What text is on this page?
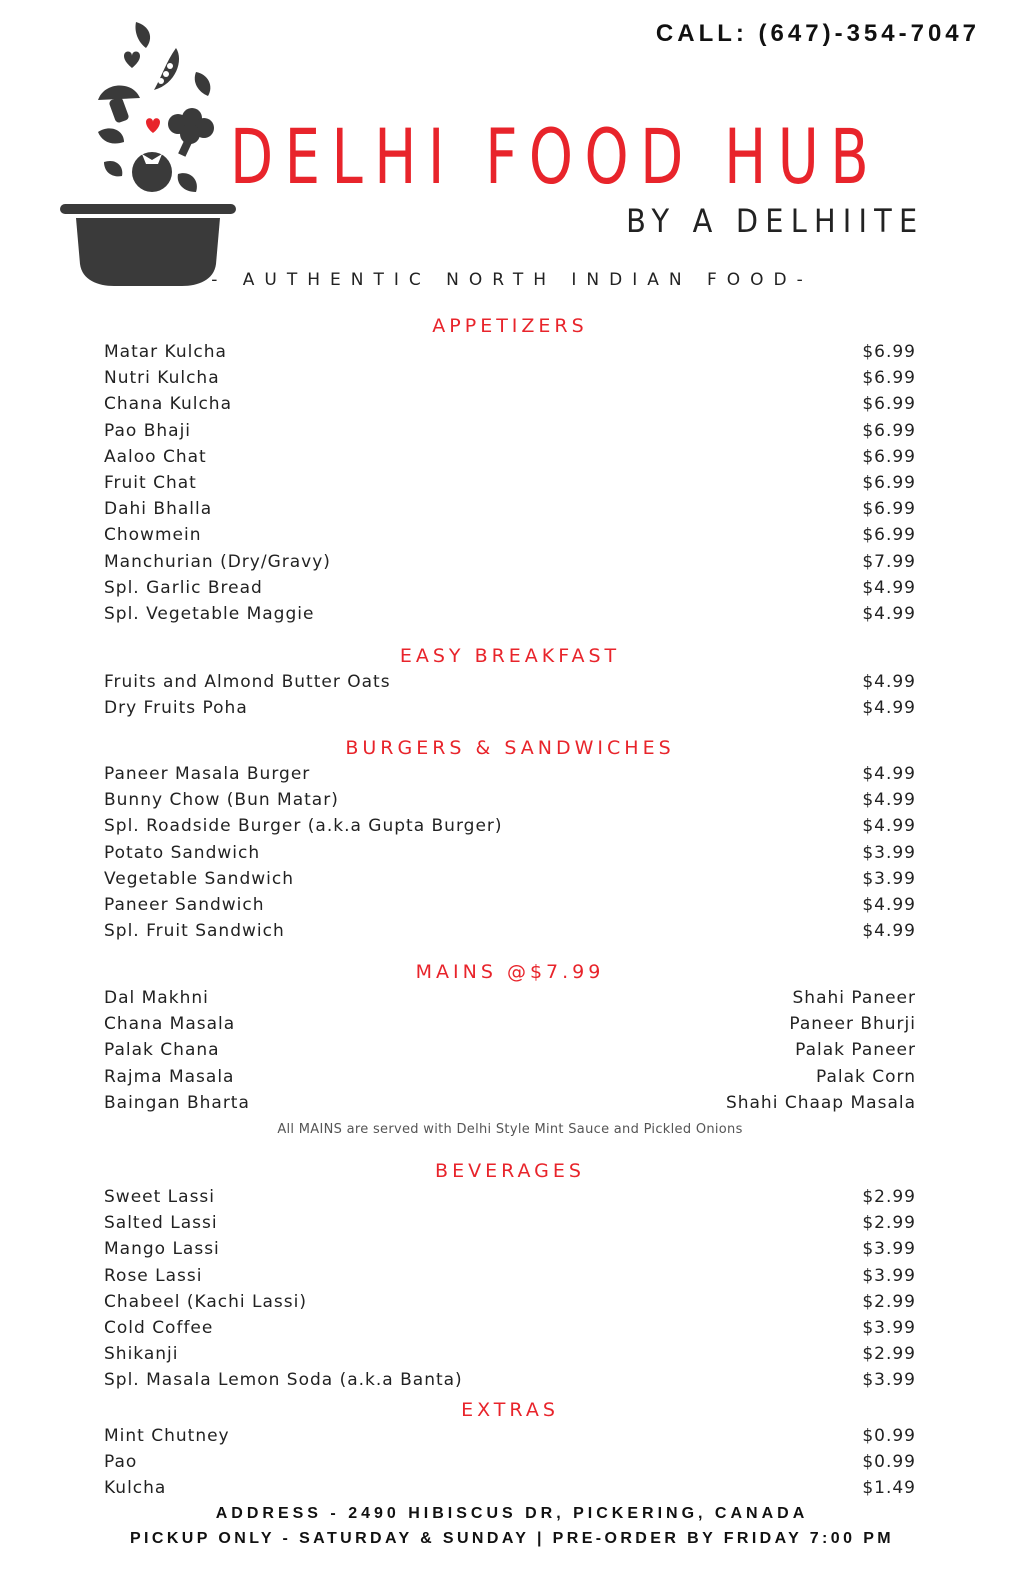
CALL: (647)-354-7047
DELHI FOOD HUB
BY A DELHIITE
- AUTHENTIC NORTH INDIAN FOOD-
APPETIZERS
Matar Kulcha	$6.99
Nutri Kulcha	$6.99
Chana Kulcha	$6.99
Pao Bhaji	$6.99
Aaloo Chat	$6.99
Fruit Chat	$6.99
Dahi Bhalla	$6.99
Chowmein	$6.99
Manchurian (Dry/Gravy)	$7.99
Spl. Garlic Bread	$4.99
Spl. Vegetable Maggie	$4.99
EASY BREAKFAST
Fruits and Almond Butter Oats	$4.99
Dry Fruits Poha	$4.99
BURGERS & SANDWICHES
Paneer Masala Burger	$4.99
Bunny Chow (Bun Matar)	$4.99
Spl. Roadside Burger (a.k.a Gupta Burger)	$4.99
Potato Sandwich	$3.99
Vegetable Sandwich	$3.99
Paneer Sandwich	$4.99
Spl. Fruit Sandwich	$4.99
MAINS @$7.99
Dal Makhni	Shahi Paneer
Chana Masala	Paneer Bhurji
Palak Chana	Palak Paneer
Rajma Masala	Palak Corn
Baingan Bharta	Shahi Chaap Masala
All MAINS are served with Delhi Style Mint Sauce and Pickled Onions
BEVERAGES
Sweet Lassi	$2.99
Salted Lassi	$2.99
Mango Lassi	$3.99
Rose Lassi	$3.99
Chabeel (Kachi Lassi)	$2.99
Cold Coffee	$3.99
Shikanji	$2.99
Spl. Masala Lemon Soda (a.k.a Banta)	$3.99
EXTRAS
Mint Chutney	$0.99
Pao	$0.99
Kulcha	$1.49
ADDRESS - 2490 HIBISCUS DR, PICKERING, CANADA
PICKUP ONLY - SATURDAY & SUNDAY | PRE-ORDER BY FRIDAY 7:00 PM
